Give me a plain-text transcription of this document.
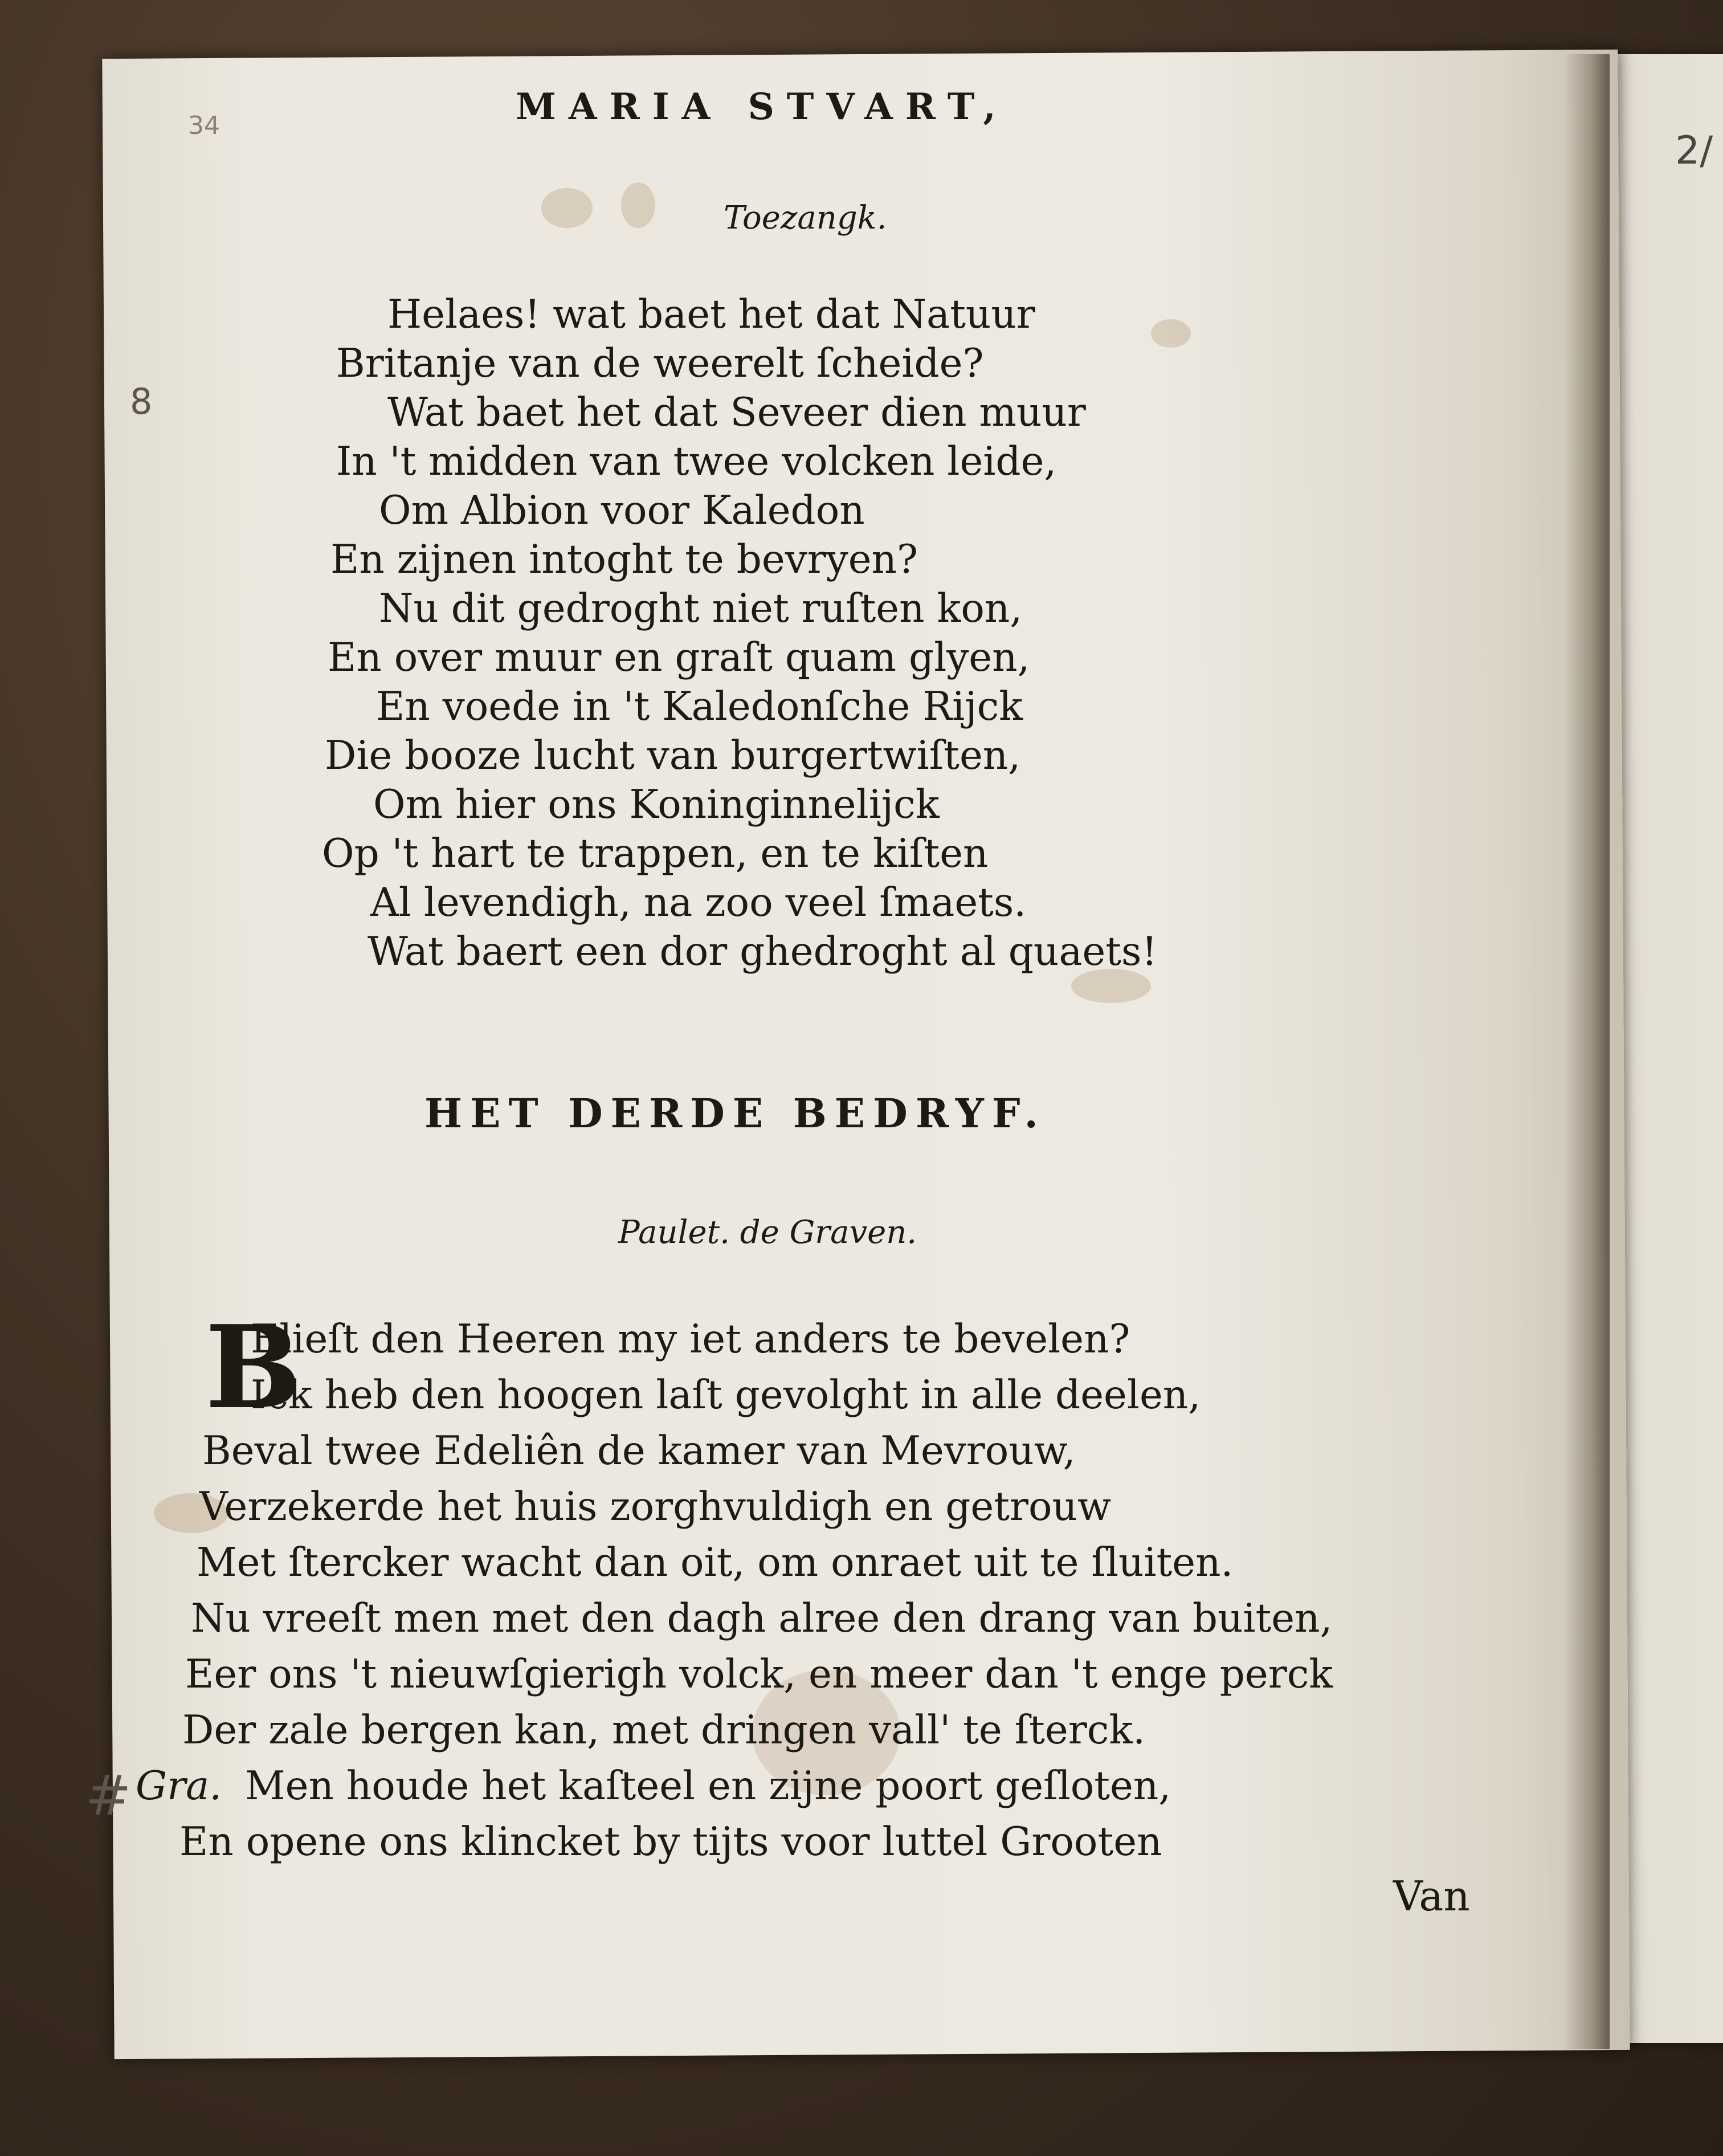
34	MARIA STVART,
8
#
2/
Toezangk.
Helaes! wat baet het dat Natuur
Britanje van de weerelt ſcheide?
Wat baet het dat Seveer dien muur
In 't midden van twee volcken leide,
Om Albion voor Kaledon
En zijnen intoght te bevryen?
Nu dit gedroght niet ruſten kon,
En over muur en graſt quam glyen,
En voede in 't Kaledonſche Rijck
Die booze lucht van burgertwiſten,
Om hier ons Koninginnelijck
Op 't hart te trappen, en te kiſten
Al levendigh, na zoo veel ſmaets.
Wat baert een dor ghedroght al quaets!
HET DERDE BEDRYF.
Paulet. de Graven.
B
Elieſt den Heeren my iet anders te bevelen?
Ick heb den hoogen laſt gevolght in alle deelen,
Beval twee Edeliên de kamer van Mevrouw,
Verzekerde het huis zorghvuldigh en getrouw
Met ſtercker wacht dan oit, om onraet uit te ſluiten.
Nu vreeſt men met den dagh alree den drang van buiten,
Eer ons 't nieuwſgierigh volck, en meer dan 't enge perck
Der zale bergen kan, met dringen vall' te ſterck.
Gra. Men houde het kaſteel en zijne poort geſloten,
En opene ons klincket by tijts voor luttel Grooten
Van
